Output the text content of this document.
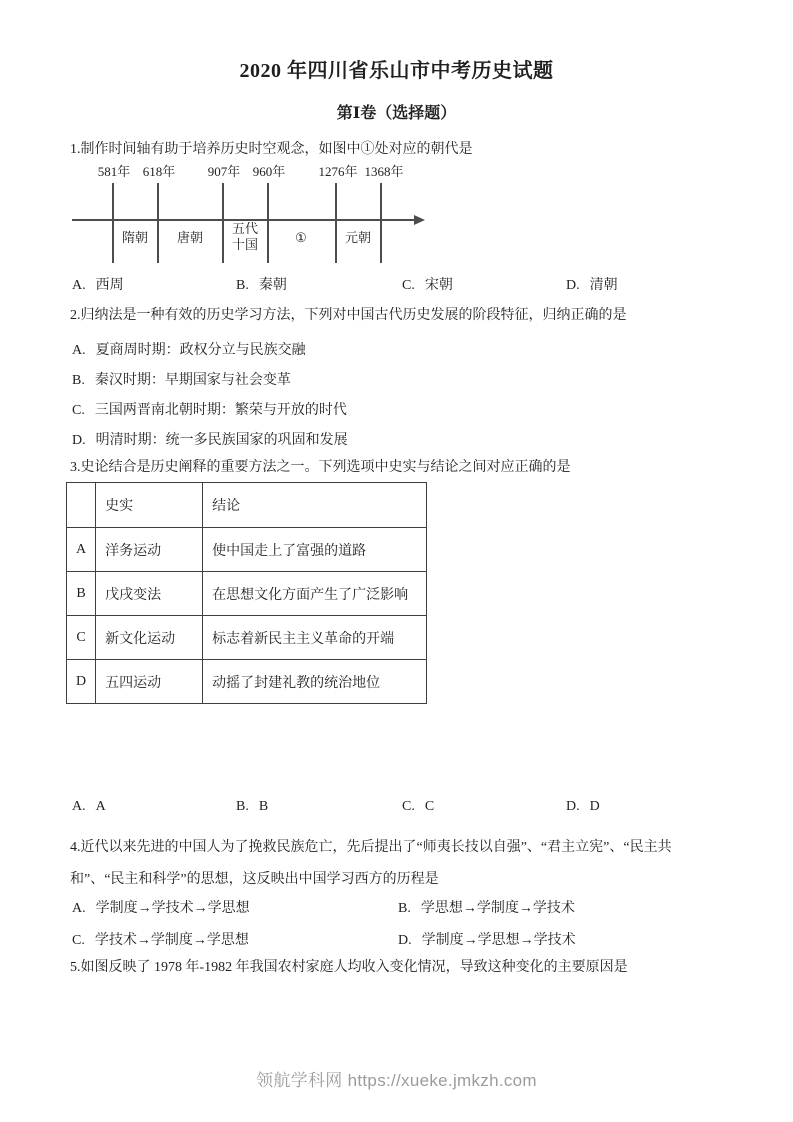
2020 年四川省乐山市中考历史试题
第Ⅰ卷（选择题）

1.制作时间轴有助于培养历史时空观念，如图中①处对应的朝代是

581年 618年 907年 960年	1276年 1368年
隋朝 唐朝
五代十国	①	元朝
A. 西周	B. 秦朝	C. 宋朝	D. 清朝

2.归纳法是一种有效的历史学习方法，下列对中国古代历史发展的阶段特征，归纳正确的是

A. 夏商周时期：政权分立与民族交融

B. 秦汉时期：早期国家与社会变革

C. 三国两晋南北朝时期：繁荣与开放的时代

D. 明清时期：统一多民族国家的巩固和发展

3.史论结合是历史阐释的重要方法之一。下列选项中史实与结论之间对应正确的是

	史实	结论
A	洋务运动	使中国走上了富强的道路
B	戊戌变法	在思想文化方面产生了广泛影响
C	新文化运动	标志着新民主主义革命的开端
D	五四运动	动摇了封建礼教的统治地位
A. A	B. B	C. C	D. D

4.近代以来先进的中国人为了挽救民族危亡，先后提出了“师夷长技以自强”、“君主立宪”、“民主共和”、“民主和科学”的思想，这反映出中国学习西方的历程是

A. 学制度→学技术→学思想	B. 学思想→学制度→学技术
C. 学技术→学制度→学思想	D. 学制度→学思想→学技术

5.如图反映了 1978 年-1982 年我国农村家庭人均收入变化情况，导致这种变化的主要原因是

领航学科网 https://xueke.jmkzh.com
